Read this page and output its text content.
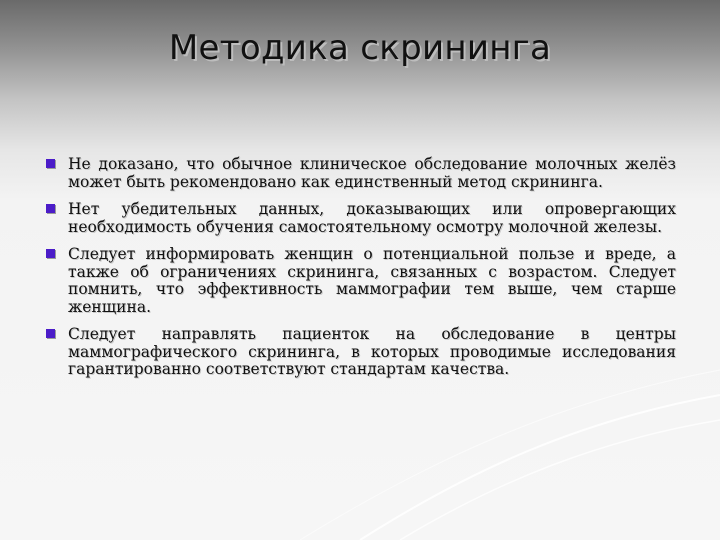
Методика скрининга
Не доказано, что обычное клиническое обследование молочных желёз может быть рекомендовано как единственный метод скрининга.
Нет убедительных данных, доказывающих или опровергающих необходимость обучения самостоятельному осмотру молочной железы.
Следует информировать женщин о потенциальной пользе и вреде, а также об ограничениях скрининга, связанных с возрастом. Следует помнить, что эффективность маммографии тем выше, чем старше женщина.
Следует направлять пациенток на обследование в центры маммографического скрининга, в которых проводимые исследования гарантированно соответствуют стандартам качества.
